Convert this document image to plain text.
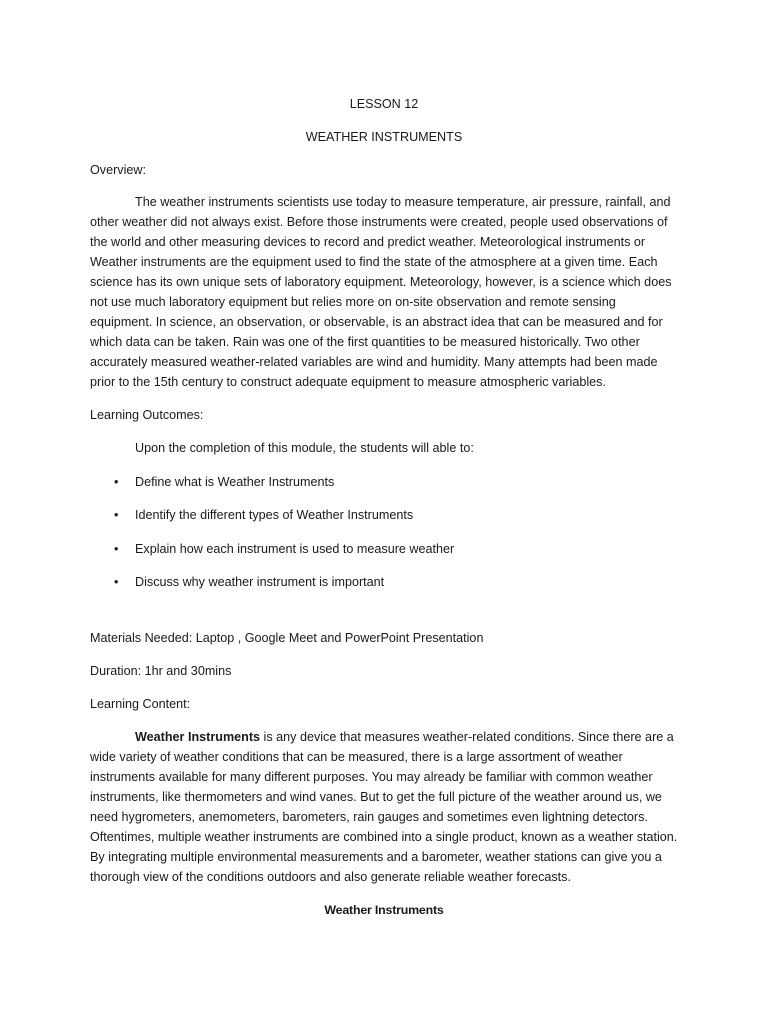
LESSON 12

WEATHER INSTRUMENTS

Overview:

The weather instruments scientists use today to measure temperature, air pressure, rainfall, and other weather did not always exist. Before those instruments were created, people used observations of the world and other measuring devices to record and predict weather. Meteorological instruments or Weather instruments are the equipment used to find the state of the atmosphere at a given time. Each science has its own unique sets of laboratory equipment. Meteorology, however, is a science which does not use much laboratory equipment but relies more on on-site observation and remote sensing equipment. In science, an observation, or observable, is an abstract idea that can be measured and for which data can be taken. Rain was one of the first quantities to be measured historically. Two other accurately measured weather-related variables are wind and humidity. Many attempts had been made prior to the 15th century to construct adequate equipment to measure atmospheric variables.

Learning Outcomes:

Upon the completion of this module, the students will able to:

• Define what is Weather Instruments
• Identify the different types of Weather Instruments
• Explain how each instrument is used to measure weather
• Discuss why weather instrument is important

Materials Needed: Laptop , Google Meet and PowerPoint Presentation

Duration: 1hr and 30mins

Learning Content:

Weather Instruments is any device that measures weather-related conditions. Since there are a wide variety of weather conditions that can be measured, there is a large assortment of weather instruments available for many different purposes. You may already be familiar with common weather instruments, like thermometers and wind vanes. But to get the full picture of the weather around us, we need hygrometers, anemometers, barometers, rain gauges and sometimes even lightning detectors. Oftentimes, multiple weather instruments are combined into a single product, known as a weather station. By integrating multiple environmental measurements and a barometer, weather stations can give you a thorough view of the conditions outdoors and also generate reliable weather forecasts.

Weather Instruments
